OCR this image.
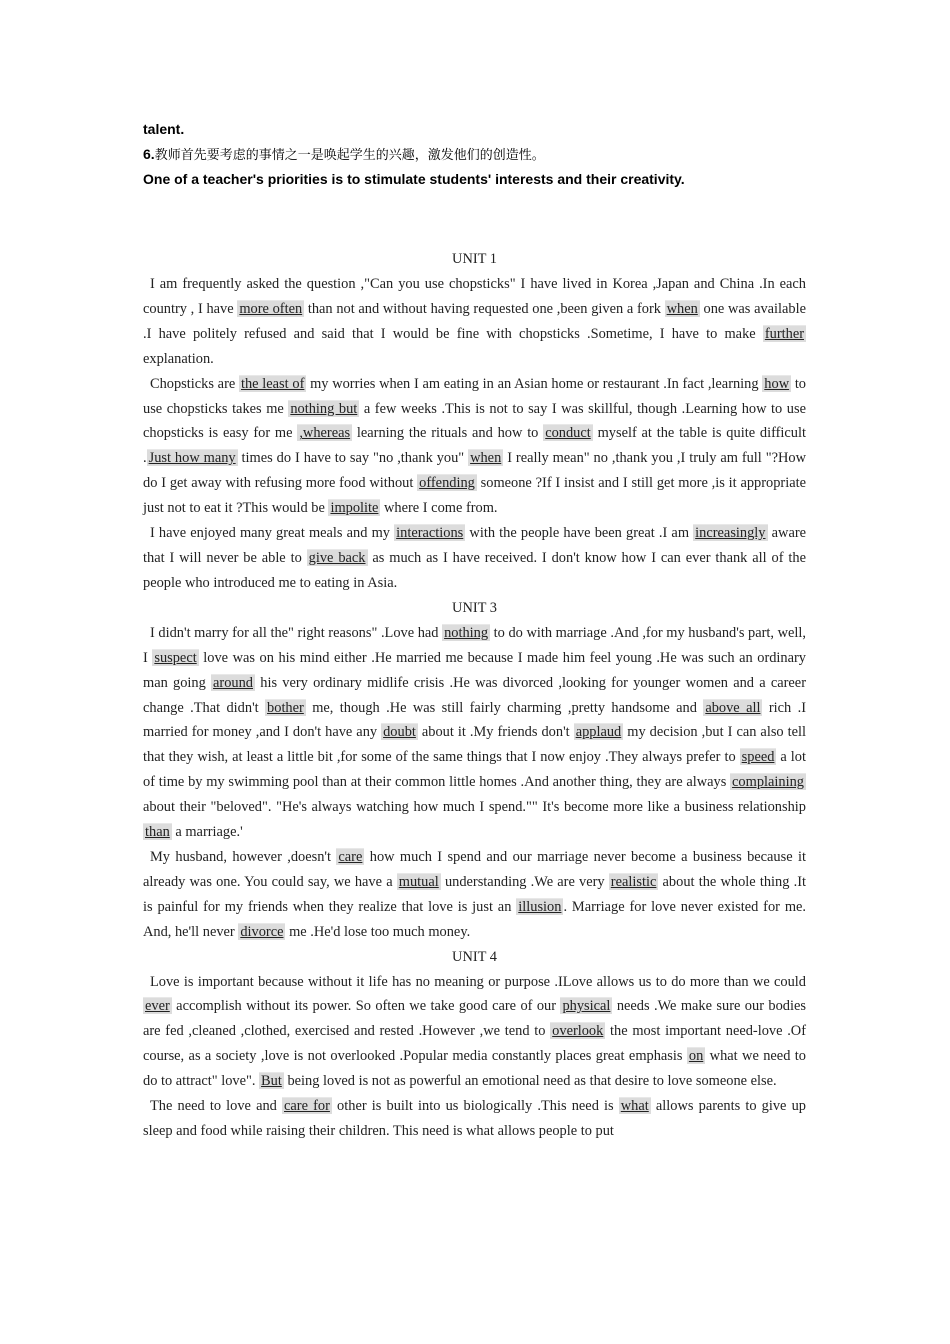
talent.
6.教师首先要考虑的事情之一是唤起学生的兴趣，激发他们的创造性。
One of a teacher's priorities is to stimulate students' interests and their creativity.
UNIT 1

I am frequently asked the question ,"Can you use chopsticks" I have lived in Korea ,Japan and China .In each country , I have more often than not and without having requested one ,been given a fork when one was available .I have politely refused and said that I would be fine with chopsticks .Sometime, I have to make further explanation.

Chopsticks are the least of my worries when I am eating in an Asian home or restaurant .In fact ,learning how to use chopsticks takes me nothing but a few weeks .This is not to say I was skillful, though .Learning how to use chopsticks is easy for me ,whereas learning the rituals and how to conduct myself at the table is quite difficult . Just how many times do I have to say "no ,thank you" when I really mean" no ,thank you ,I truly am full "?How do I get away with refusing more food without offending someone ?If I insist and I still get more ,is it appropriate just not to eat it ?This would be impolite where I come from.

I have enjoyed many great meals and my interactions with the people have been great .I am increasingly aware that I will never be able to give back as much as I have received. I don't know how I can ever thank all of the people who introduced me to eating in Asia.

UNIT 3

I didn't marry for all the" right reasons" .Love had nothing to do with marriage .And ,for my husband's part, well, I suspect love was on his mind either .He married me because I made him feel young .He was such an ordinary man going around his very ordinary midlife crisis .He was divorced ,looking for younger women and a career change .That didn't bother me, though .He was still fairly charming ,pretty handsome and above all rich .I married for money ,and I don't have any doubt about it .My friends don't applaud my decision ,but I can also tell that they wish, at least a little bit ,for some of the same things that I now enjoy .They always prefer to speed a lot of time by my swimming pool than at their common little homes .And another thing, they are always complaining about their "beloved". "He's always watching how much I spend."" It's become more like a business relationship than a marriage.'

My husband, however ,doesn't care how much I spend and our marriage never become a business because it already was one. You could say, we have a mutual understanding .We are very realistic about the whole thing .It is painful for my friends when they realize that love is just an illusion . Marriage for love never existed for me. And, he'll never divorce me .He'd lose too much money.

UNIT 4

Love is important because without it life has no meaning or purpose .ILove allows us to do more than we could ever accomplish without its power. So often we take good care of our physical needs .We make sure our bodies are fed ,cleaned ,clothed, exercised and rested .However ,we tend to overlook the most important need-love .Of course, as a society ,love is not overlooked .Popular media constantly places great emphasis on what we need to do to attract" love". But being loved is not as powerful an emotional need as that desire to love someone else.

The need to love and care for other is built into us biologically .This need is what allows parents to give up sleep and food while raising their children. This need is what allows people to put
